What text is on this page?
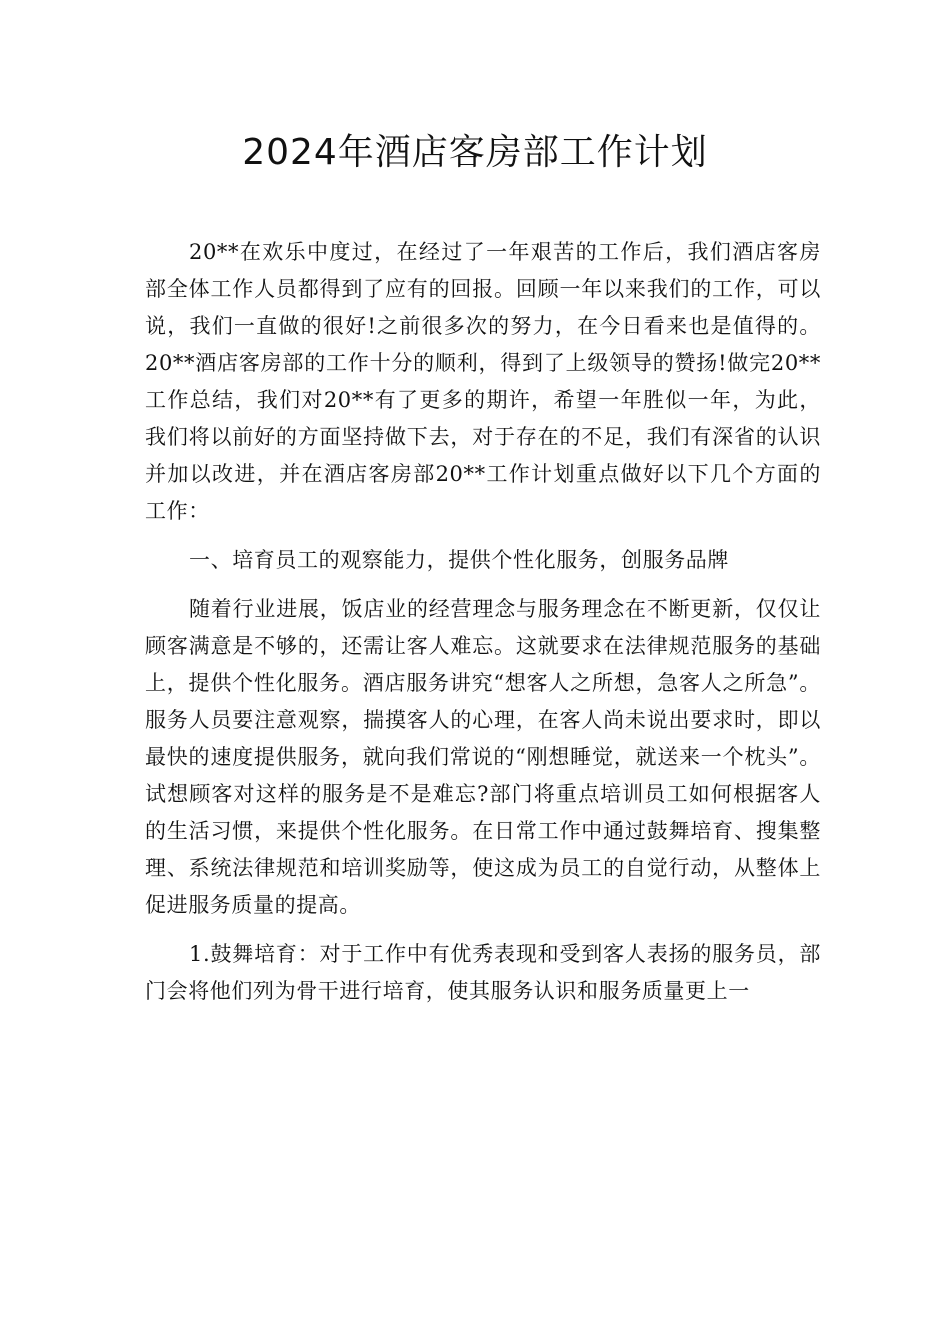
2024年酒店客房部工作计划

20**在欢乐中度过，在经过了一年艰苦的工作后，我们酒店客房部全体工作人员都得到了应有的回报。回顾一年以来我们的工作，可以说，我们一直做的很好!之前很多次的努力，在今日看来也是值得的。20**酒店客房部的工作十分的顺利，得到了上级领导的赞扬!做完20**工作总结，我们对20**有了更多的期许，希望一年胜似一年，为此，我们将以前好的方面坚持做下去，对于存在的不足，我们有深省的认识并加以改进，并在酒店客房部20**工作计划重点做好以下几个方面的工作：

一、培育员工的观察能力，提供个性化服务，创服务品牌

随着行业进展，饭店业的经营理念与服务理念在不断更新，仅仅让顾客满意是不够的，还需让客人难忘。这就要求在法律规范服务的基础上，提供个性化服务。酒店服务讲究“想客人之所想，急客人之所急”。服务人员要注意观察，揣摸客人的心理，在客人尚未说出要求时，即以最快的速度提供服务，就向我们常说的“刚想睡觉，就送来一个枕头”。试想顾客对这样的服务是不是难忘?部门将重点培训员工如何根据客人的生活习惯，来提供个性化服务。在日常工作中通过鼓舞培育、搜集整理、系统法律规范和培训奖励等，使这成为员工的自觉行动，从整体上促进服务质量的提高。

1.鼓舞培育：对于工作中有优秀表现和受到客人表扬的服务员，部门会将他们列为骨干进行培育，使其服务认识和服务质量更上一
